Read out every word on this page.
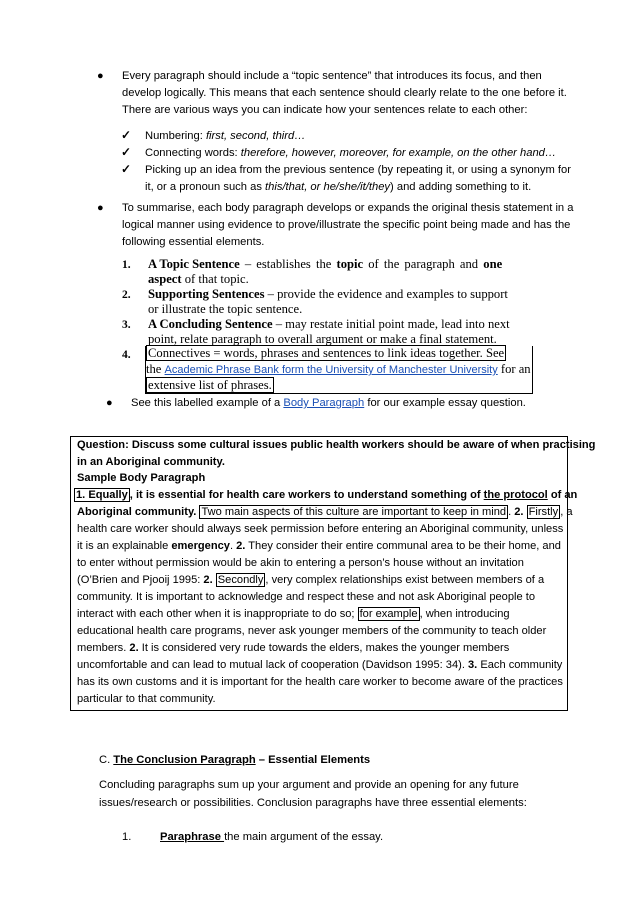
● Every paragraph should include a “topic sentence” that introduces its focus, and then
develop logically. This means that each sentence should clearly relate to the one before it.
There are various ways you can indicate how your sentences relate to each other:
✓ Numbering: first, second, third…
✓ Connecting words: therefore, however, moreover, for example, on the other hand…
✓ Picking up an idea from the previous sentence (by repeating it, or using a synonym for
it, or a pronoun such as this/that, or he/she/it/they) and adding something to it.
● To summarise, each body paragraph develops or expands the original thesis statement in a
logical manner using evidence to prove/illustrate the specific point being made and has the
following essential elements.
1. A Topic Sentence – establishes the topic of the paragraph and one
aspect of that topic.
2. Supporting Sentences – provide the evidence and examples to support
or illustrate the topic sentence.
3. A Concluding Sentence – may restate initial point made, lead into next
point, relate paragraph to overall argument or make a final statement.
4. Connectives = words, phrases and sentences to link ideas together. See
the Academic Phrase Bank form the University of Manchester University for an
extensive list of phrases.
● See this labelled example of a Body Paragraph for our example essay question.
Question: Discuss some cultural issues public health workers should be aware of when practising
in an Aboriginal community.
Sample Body Paragraph
1. Equally , it is essential for health care workers to understand something of the protocol of an
Aboriginal community. Two main aspects of this culture are important to keep in mind . 2. Firstly , a
health care worker should always seek permission before entering an Aboriginal community, unless
it is an explainable emergency. 2. They consider their entire communal area to be their home, and
to enter without permission would be akin to entering a person’s house without an invitation
(O’Brien and Pjooij 1995: 2. Secondly , very complex relationships exist between members of a
community. It is important to acknowledge and respect these and not ask Aboriginal people to
interact with each other when it is inappropriate to do so; for example , when introducing
educational health care programs, never ask younger members of the community to teach older
members. 2. It is considered very rude towards the elders, makes the younger members
uncomfortable and can lead to mutual lack of cooperation (Davidson 1995: 34). 3. Each community
has its own customs and it is important for the health care worker to become aware of the practices
particular to that community.
C. The Conclusion Paragraph – Essential Elements
Concluding paragraphs sum up your argument and provide an opening for any future
issues/research or possibilities. Conclusion paragraphs have three essential elements:
1.	Paraphrase the main argument of the essay.
